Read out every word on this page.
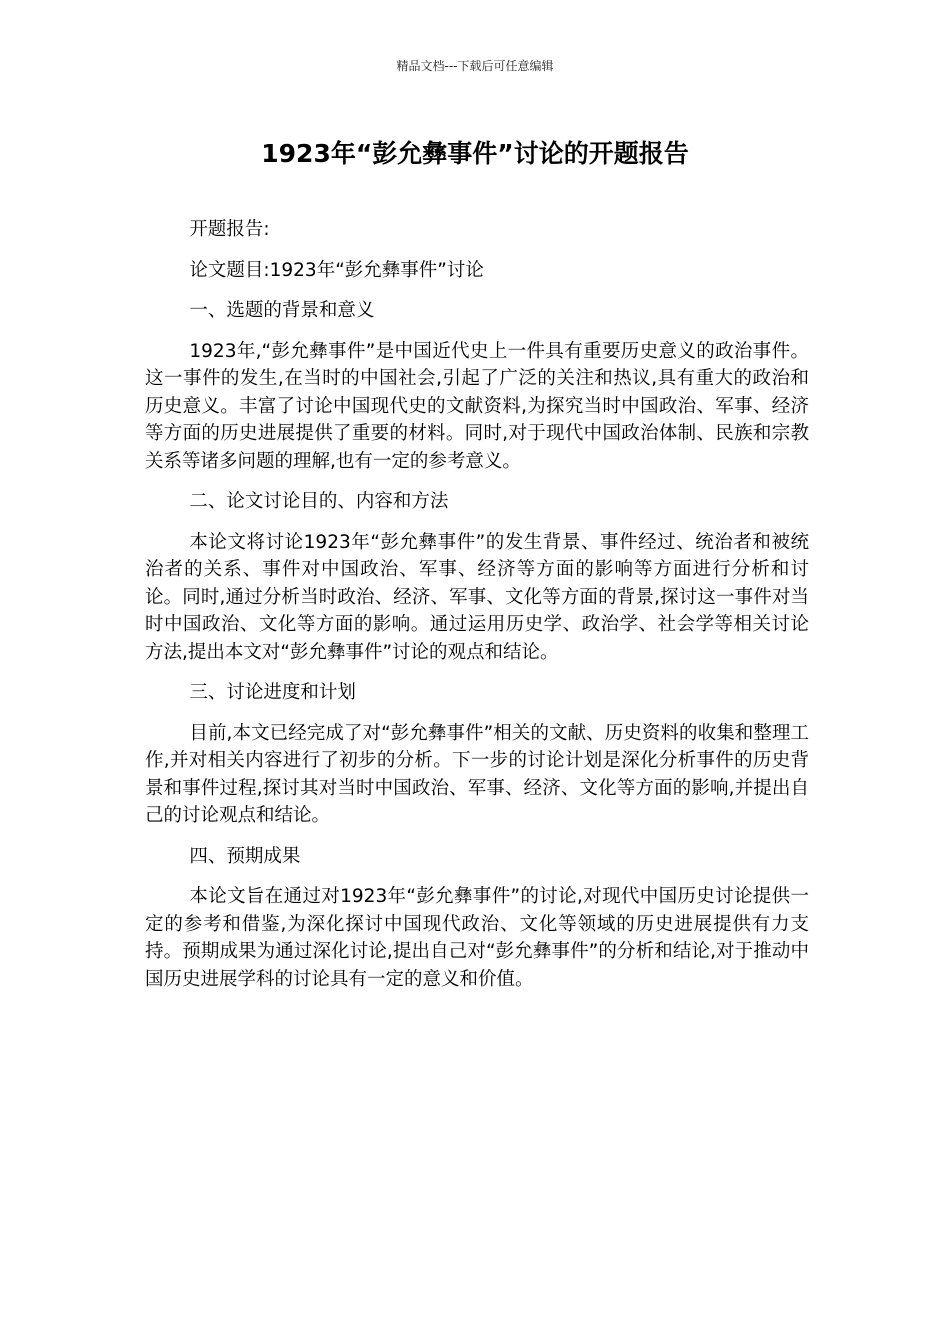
精品文档---下载后可任意编辑
1923年“彭允彝事件”讨论的开题报告

开题报告:

论文题目:1923年“彭允彝事件”讨论

一、选题的背景和意义

1923年,“彭允彝事件”是中国近代史上一件具有重要历史意义的政治事件。这一事件的发生,在当时的中国社会,引起了广泛的关注和热议,具有重大的政治和历史意义。丰富了讨论中国现代史的文献资料,为探究当时中国政治、军事、经济等方面的历史进展提供了重要的材料。同时,对于现代中国政治体制、民族和宗教关系等诸多问题的理解,也有一定的参考意义。

二、论文讨论目的、内容和方法

本论文将讨论1923年“彭允彝事件”的发生背景、事件经过、统治者和被统治者的关系、事件对中国政治、军事、经济等方面的影响等方面进行分析和讨论。同时,通过分析当时政治、经济、军事、文化等方面的背景,探讨这一事件对当时中国政治、文化等方面的影响。通过运用历史学、政治学、社会学等相关讨论方法,提出本文对“彭允彝事件”讨论的观点和结论。

三、讨论进度和计划

目前,本文已经完成了对“彭允彝事件”相关的文献、历史资料的收集和整理工作,并对相关内容进行了初步的分析。下一步的讨论计划是深化分析事件的历史背景和事件过程,探讨其对当时中国政治、军事、经济、文化等方面的影响,并提出自己的讨论观点和结论。

四、预期成果

本论文旨在通过对1923年“彭允彝事件”的讨论,对现代中国历史讨论提供一定的参考和借鉴,为深化探讨中国现代政治、文化等领域的历史进展提供有力支持。预期成果为通过深化讨论,提出自己对“彭允彝事件”的分析和结论,对于推动中国历史进展学科的讨论具有一定的意义和价值。
